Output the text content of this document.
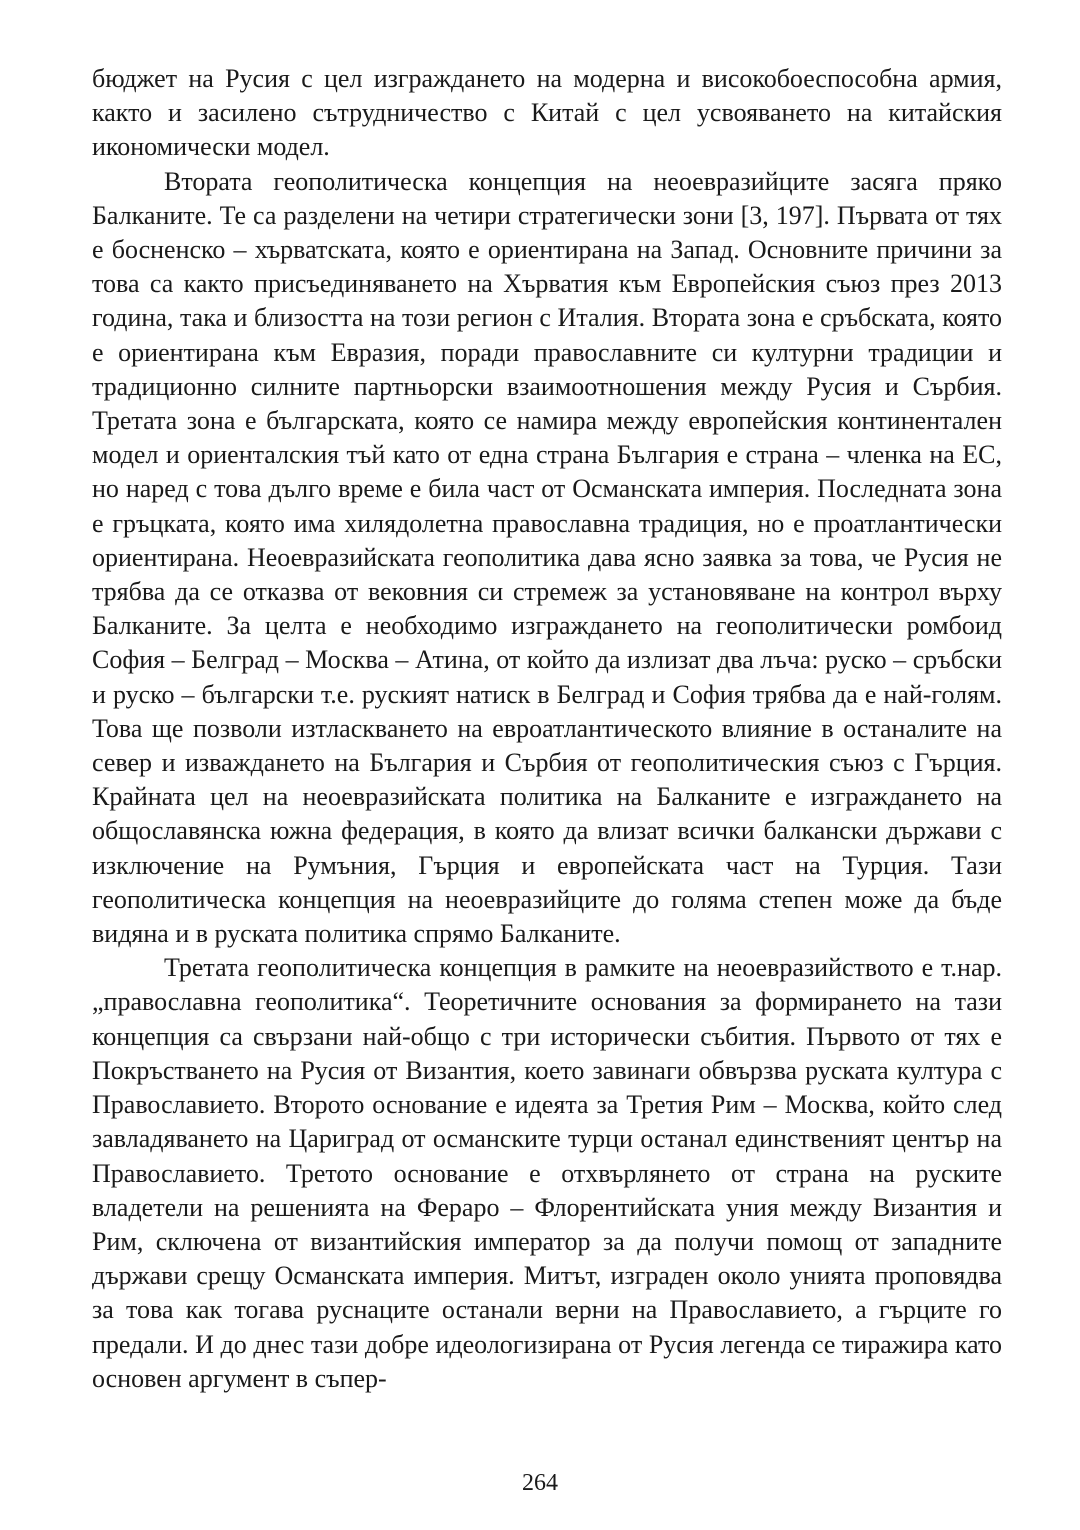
бюджет на Русия с цел изграждането на модерна и високобоеспособна армия, както и засилено сътрудничество с Китай с цел усвояването на китайския икономически модел.

Втората геополитическа концепция на неоевразийците засяга пряко Балканите. Те са разделени на четири стратегически зони [3, 197]. Първата от тях е босненско – хърватската, която е ориентирана на Запад. Основните причини за това са както присъединяването на Хърватия към Европейския съюз през 2013 година, така и близостта на този регион с Италия. Втората зона е сръбската, която е ориентирана към Евразия, поради православните си културни традиции и традиционно силните партньорски взаимоотношения между Русия и Сърбия. Третата зона е българската, която се намира между европейския континентален модел и ориенталския тъй като от една страна България е страна – членка на ЕС, но наред с това дълго време е била част от Османската империя. Последната зона е гръцката, която има хилядолетна православна традиция, но е проатлантически ориентирана. Неоевразийската геополитика дава ясно заявка за това, че Русия не трябва да се отказва от вековния си стремеж за установяване на контрол върху Балканите. За целта е необходимо изграждането на геополитически ромбоид София – Белград – Москва – Атина, от който да излизат два лъча: руско – сръбски и руско – български т.е. руският натиск в Белград и София трябва да е най-голям. Това ще позволи изтласкването на евроатлантическото влияние в останалите на север и изваждането на България и Сърбия от геополитическия съюз с Гърция. Крайната цел на неоевразийската политика на Балканите е изграждането на общославянска южна федерация, в която да влизат всички балкански държави с изключение на Румъния, Гърция и европейската част на Турция. Тази геополитическа концепция на неоевразийците до голяма степен може да бъде видяна и в руската политика спрямо Балканите.

Третата геополитическа концепция в рамките на неоевразийството е т.нар. „православна геополитика“. Теоретичните основания за формирането на тази концепция са свързани най-общо с три исторически събития. Първото от тях е Покръстването на Русия от Византия, което завинаги обвързва руската култура с Православието. Второто основание е идеята за Третия Рим – Москва, който след завладяването на Цариград от османските турци останал единственият център на Православието. Третото основание е отхвърлянето от страна на руските владетели на решенията на Фераро – Флорентийската уния между Византия и Рим, сключена от византийския император за да получи помощ от западните държави срещу Османската империя. Митът, изграден около унията проповядва за това как тогава руснаците останали верни на Православието, а гърците го предали. И до днес тази добре идеологизирана от Русия легенда се тиражира като основен аргумент в съпер-

264
